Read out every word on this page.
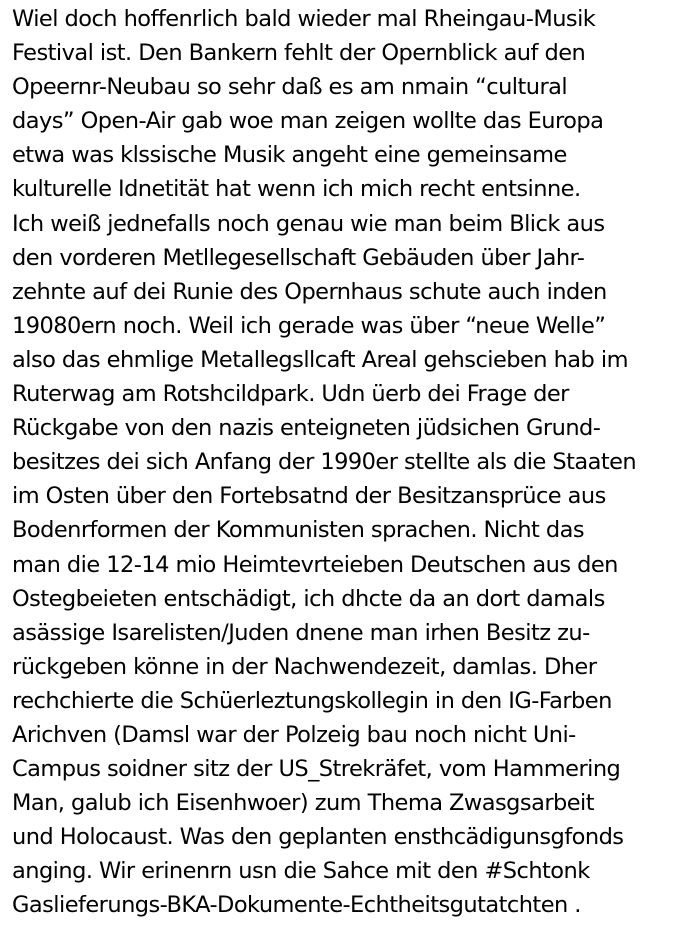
Wiel doch hoffenrlich bald wieder mal Rheingau-Musik
Festival ist. Den Bankern fehlt der Opernblick auf den
Opeernr-Neubau so sehr daß es am nmain “cultural
days” Open-Air gab woe man zeigen wollte das Europa
etwa was klssische Musik angeht eine gemeinsame
kulturelle Idnetität hat wenn ich mich recht entsinne.
Ich weiß jednefalls noch genau wie man beim Blick aus
den vorderen Metllegesellschaft Gebäuden über Jahr-
zehnte auf dei Runie des Opernhaus schute auch inden
19080ern noch. Weil ich gerade was über “neue Welle”
also das ehmlige Metallegsllcaft Areal gehscieben hab im
Ruterwag am Rotshcildpark. Udn üerb dei Frage der
Rückgabe von den nazis enteigneten jüdsichen Grund-
besitzes dei sich Anfang der 1990er stellte als die Staaten
im Osten über den Fortebsatnd der Besitzansprüce aus
Bodenrformen der Kommunisten sprachen. Nicht das
man die 12-14 mio Heimtevrteieben Deutschen aus den
Ostegbeieten entschädigt, ich dhcte da an dort damals
asässige Isarelisten/Juden dnene man irhen Besitz zu-
rückgeben könne in der Nachwendezeit, damlas. Dher
rechchierte die Schüerleztungskollegin in den IG-Farben
Arichven (Damsl war der Polzeig bau noch nicht Uni-
Campus soidner sitz der US_Strekräfet, vom Hammering
Man, galub ich Eisenhwoer) zum Thema Zwasgsarbeit
und Holocaust. Was den geplanten ensthcädigunsgfonds
anging. Wir erinenrn usn die Sahce mit den #Schtonk
Gaslieferungs-BKA-Dokumente-Echtheitsgutatchten .
